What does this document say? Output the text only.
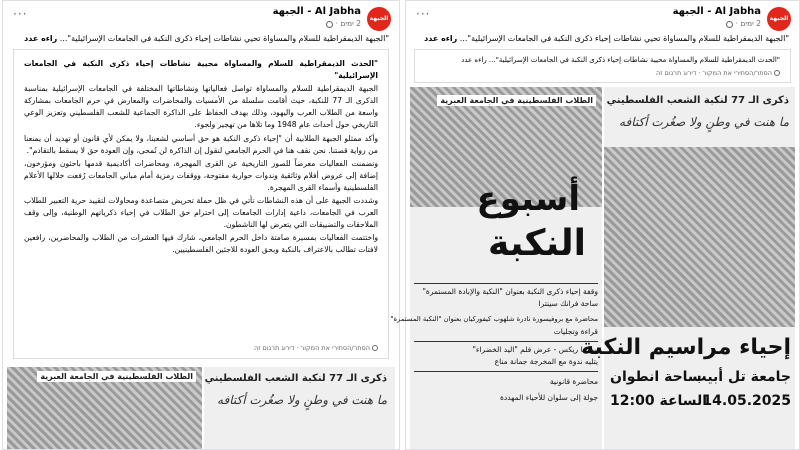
الجبهة
Al Jabha - الجبهة
2 ימים ·
···
"الجبهة الديمقراطية للسلام والمساواة تحيي نشاطات إحياء ذكرى النكبة في الجامعات الإسرائيلية"... راءه عدد

"الحدث الديمقراطية للسلام والمساواة محيية نشاطات إحياء ذكرى النكبة في الجامعات الإسرائيلية"

الجبهة الديمقراطية للسلام والمساواة تواصل فعالياتها ونشاطاتها المختلفة في الجامعات الإسرائيلية بمناسبة الذكرى الـ 77 للنكبة، حيث أقامت سلسلة من الأمسيات والمحاضرات والمعارض في حرم الجامعات بمشاركة واسعة من الطلاب العرب واليهود، وذلك بهدف الحفاظ على الذاكرة الجماعية للشعب الفلسطيني وتعزيز الوعي التاريخي حول أحداث عام 1948 وما تلاها من تهجير ولجوء.

وأكد ممثلو الجبهة الطلابية أن "إحياء ذكرى النكبة هو حق أساسي لشعبنا، ولا يمكن لأي قانون أو تهديد أن يمنعنا من رواية قصتنا. نحن نقف هنا في الحرم الجامعي لنقول إن الذاكرة لن تُمحى، وإن العودة حق لا يسقط بالتقادم".

وتضمنت الفعاليات معرضاً للصور التاريخية عن القرى المهجرة، ومحاضرات أكاديمية قدمها باحثون ومؤرخون، إضافة إلى عروض أفلام وثائقية وندوات حوارية مفتوحة، ووقفات رمزية أمام مباني الجامعات رُفعت خلالها الأعلام الفلسطينية وأسماء القرى المهجرة.

وشددت الجبهة على أن هذه النشاطات تأتي في ظل حملة تحريض متصاعدة ومحاولات لتقييد حرية التعبير للطلاب العرب في الجامعات، داعية إدارات الجامعات إلى احترام حق الطلاب في إحياء ذكرياتهم الوطنية، وإلى وقف الملاحقات والتضييقات التي يتعرض لها الناشطون.

واختتمت الفعاليات بمسيرة صامتة داخل الحرم الجامعي، شارك فيها العشرات من الطلاب والمحاضرين، رافعين لافتات تطالب بالاعتراف بالنكبة وبحق العودة للاجئين الفلسطينيين.

הסתר/הסתירי את המקור · דירוג תרגום זה
الطلاب الفلسطينية في الجامعة العبرية	ذكرى الـ 77 لنكبة الشعب الفلسطيني
ما هنت في وطنٍ ولا صغُرت أكتافه
الجبهة
Al Jabha - الجبهة
2 ימים ·
···
"الجبهة الديمقراطية للسلام والمساواة تحيي نشاطات إحياء ذكرى النكبة في الجامعات الإسرائيلية"... راءه عدد
"الحدث الديمقراطية للسلام والمساواة محيية نشاطات إحياء ذكرى النكبة في الجامعات الإسرائيلية"... راءه عدد
הסתר/הסתירי את המקור · דירוג תרגום זה
الطلاب الفلسطينية في الجامعة العبرية
أسبوع
النكبة
وقفة إحياء ذكرى النكبة بعنوان "النكبة والإبادة المستمرة"
ساحة فرانك سينترا
محاضرة مع بروفيسورة نادرة شلهوب كيفوركيان بعنوان "النكبة المستمرة"
قراءة وتجليات
سينما ريكس - عرض فلم "اليد الخضراء"
يتليه ندوة مع المخرجة جمانة مناع
محاضرة قانونية
جولة إلى سلوان للأحياء المهددة
ذكرى الـ 77 لنكبة الشعب الفلسطيني
ما هنت في وطنٍ ولا صغُرت أكتافه
إحياء مراسيم النكبة
جامعة تل أبيب
ساحة انطوان
14.05.2025
الساعة 12:00
